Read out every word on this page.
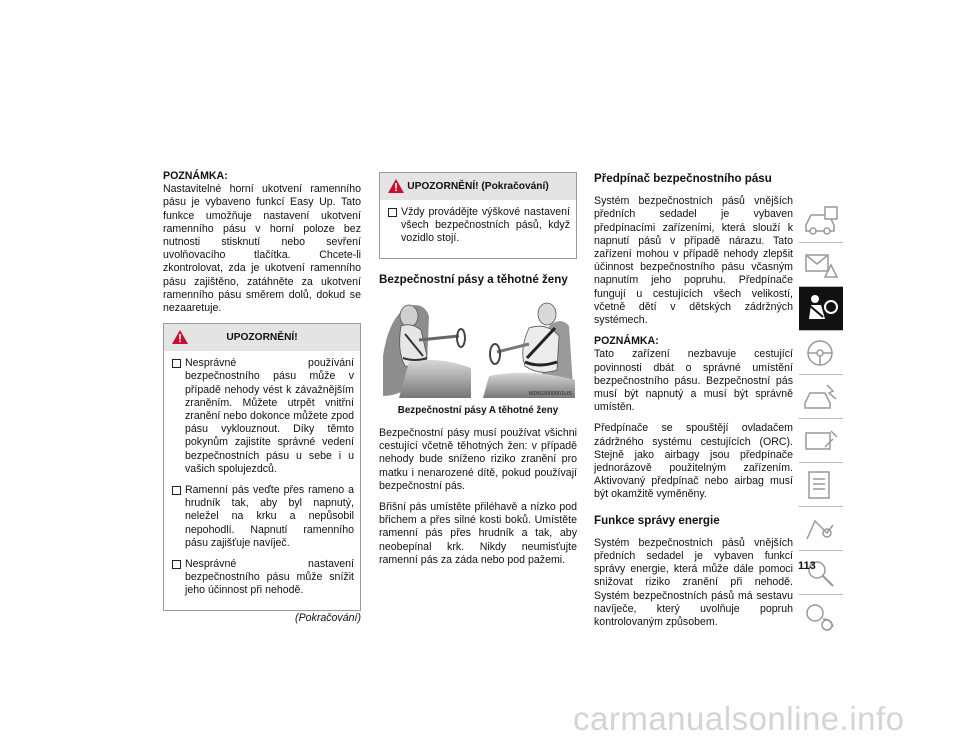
POZNÁMKA:

Nastavitelné horní ukotvení ramenního pásu je vybaveno funkcí Easy Up. Tato funkce umožňuje nastavení ukotvení ramenního pásu v horní poloze bez nutnosti stisknutí nebo sevření uvolňovacího tlačítka. Chcete-li zkontrolovat, zda je ukotvení ramenního pásu zajištěno, zatáhněte za ukotvení ramenního pásu směrem dolů, dokud se nezaaretuje.

UPOZORNĚNÍ!
Nesprávné používání bezpečnostního pásu může v případě nehody vést k závažnějším zraněním. Můžete utrpět vnitřní zranění nebo dokonce můžete zpod pásu vyklouznout. Díky těmto pokynům zajistíte správné vedení bezpečnostních pásu u sebe i u vašich spolujezdců.
Ramenní pás veďte přes rameno a hrudník tak, aby byl napnutý, neležel na krku a nepůsobil nepohodlí. Napnutí ramenního pásu zajišťuje navíječ.
Nesprávné nastavení bezpečnostního pásu může snížit jeho účinnost při nehodě.
(Pokračování)
UPOZORNĚNÍ! (Pokračování)
Vždy provádějte výškové nastavení všech bezpečnostních pásů, když vozidlo stojí.
Bezpečnostní pásy a těhotné ženy
M0503000001US
Bezpečnostní pásy A těhotné ženy

Bezpečnostní pásy musí používat všichni cestující včetně těhotných žen: v případě nehody bude sníženo riziko zranění pro matku i nenarozené dítě, pokud používají bezpečnostní pás.

Břišní pás umístěte přiléhavě a nízko pod břichem a přes silné kosti boků. Umístěte ramenní pás přes hrudník a tak, aby neobepínal krk. Nikdy neumisťujte ramenní pás za záda nebo pod pažemi.

Předpínač bezpečnostního pásu

Systém bezpečnostních pásů vnějších předních sedadel je vybaven předpínacími zařízeními, která slouží k napnutí pásů v případě nárazu. Tato zařízení mohou v případě nehody zlepšit účinnost bezpečnostního pásu včasným napnutím jeho popruhu. Předpínače fungují u cestujících všech velikostí, včetně dětí v dětských zádržných systémech.

POZNÁMKA:

Tato zařízení nezbavuje cestující povinnosti dbát o správné umístění bezpečnostního pásu. Bezpečnostní pás musí být napnutý a musí být správně umístěn.

Předpínače se spouštějí ovladačem zádržného systému cestujících (ORC). Stejně jako airbagy jsou předpínače jednorázově použitelným zařízením. Aktivovaný předpínač nebo airbag musí být okamžitě vyměněny.

Funkce správy energie

Systém bezpečnostních pásů vnějších předních sedadel je vybaven funkcí správy energie, která může dále pomoci snižovat riziko zranění při nehodě. Systém bezpečnostních pásů má sestavu navíječe, který uvolňuje popruh kontrolovaným způsobem.

113
carmanualsonline.info
